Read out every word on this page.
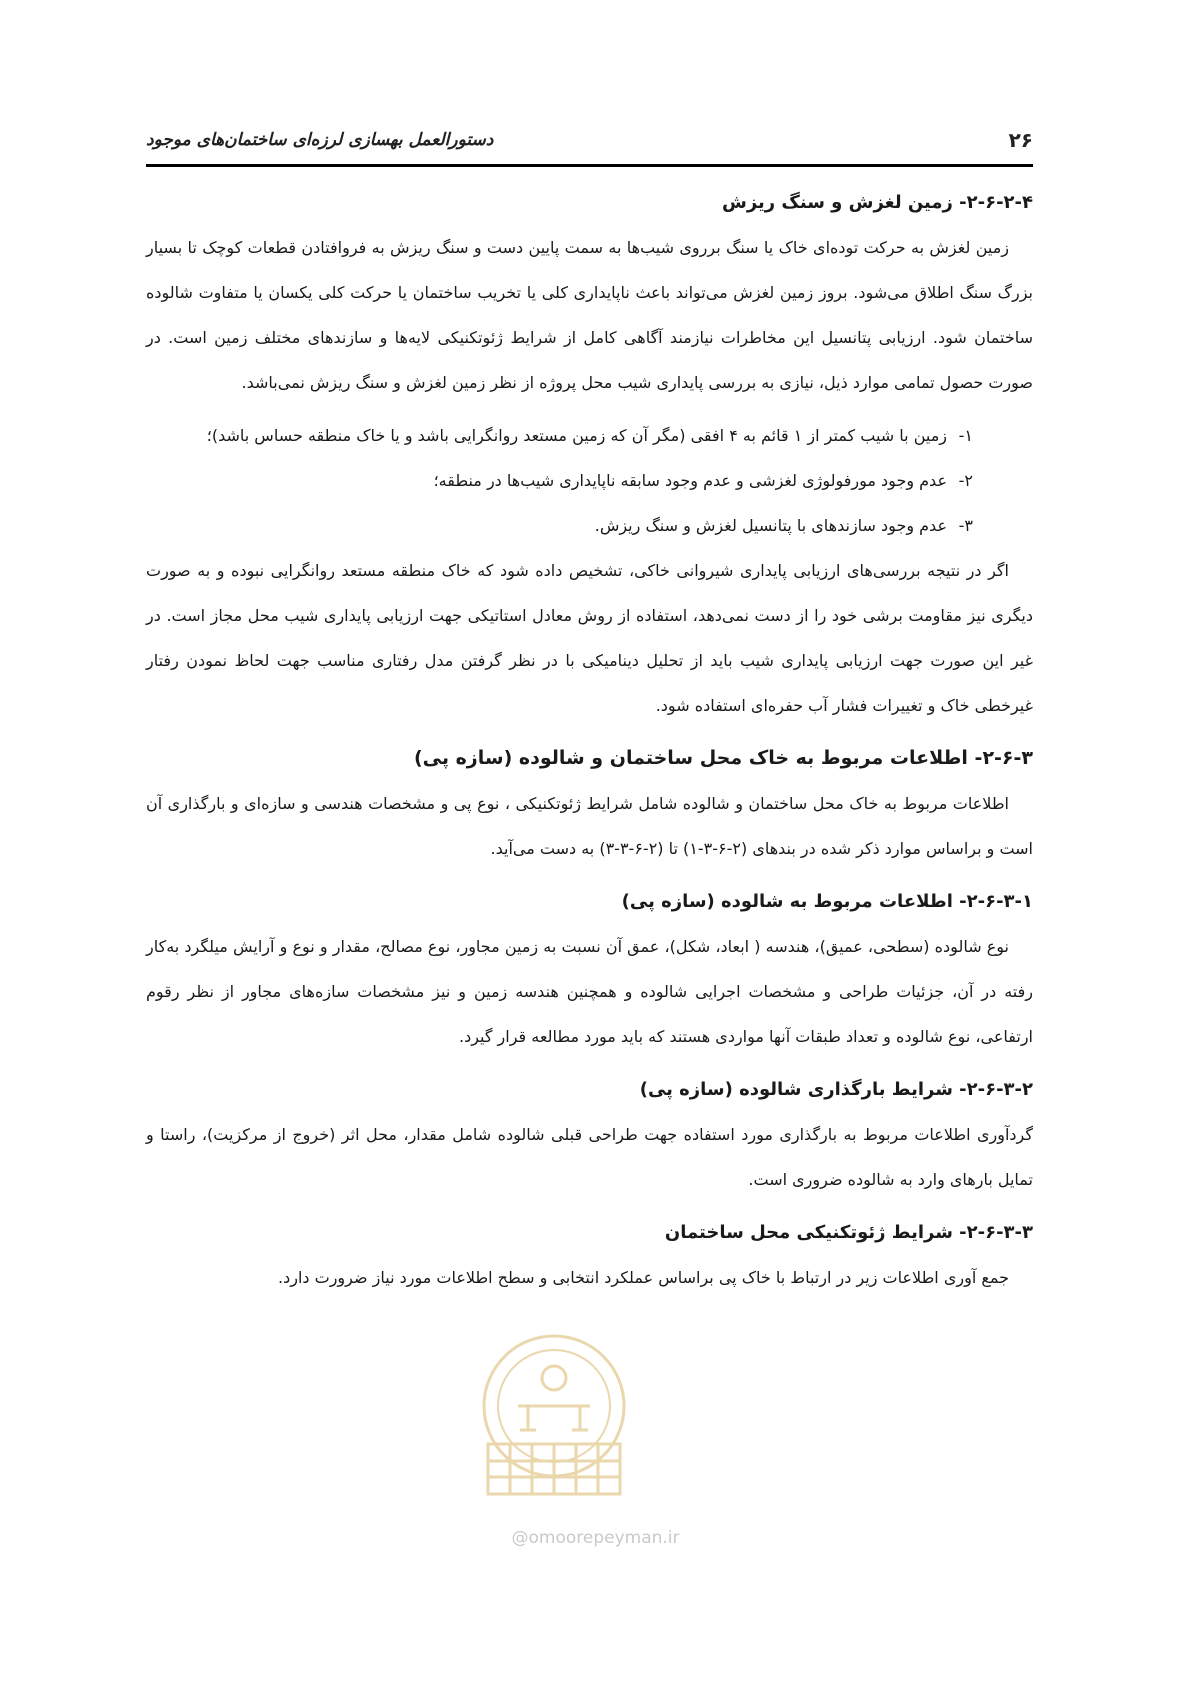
۲۶
دستورالعمل بهسازی لرزه‌ای ساختمان‌های موجود
۲-۶-۲-۴- زمین لغزش و سنگ ریزش

زمین لغزش به حرکت توده‌ای خاک یا سنگ برروی شیب‌ها به سمت پایین دست و سنگ ریزش به فروافتادن قطعات کوچک تا بسیار بزرگ سنگ اطلاق می‌شود. بروز زمین لغزش می‌تواند باعث ناپایداری کلی یا تخریب ساختمان یا حرکت کلی یکسان یا متفاوت شالوده ساختمان شود. ارزیابی پتانسیل این مخاطرات نیازمند آگاهی کامل از شرایط ژئوتکنیکی لایه‌ها و سازندهای مختلف زمین است. در صورت حصول تمامی موارد ذیل، نیازی به بررسی پایداری شیب محل پروژه از نظر زمین لغزش و سنگ ریزش نمی‌باشد.

۱-
زمین با شیب کمتر از ۱ قائم به ۴ افقی (مگر آن که زمین مستعد روانگرایی باشد و یا خاک منطقه حساس باشد)؛
۲-
عدم وجود مورفولوژی لغزشی و عدم وجود سابقه ناپایداری شیب‌ها در منطقه؛
۳-
عدم وجود سازندهای با پتانسیل لغزش و سنگ ریزش.

اگر در نتیجه بررسی‌های ارزیابی پایداری شیروانی خاکی، تشخیص داده شود که خاک منطقه مستعد روانگرایی نبوده و به صورت دیگری نیز مقاومت برشی خود را از دست نمی‌دهد، استفاده از روش معادل استاتیکی جهت ارزیابی پایداری شیب محل مجاز است. در غیر این صورت جهت ارزیابی پایداری شیب باید از تحلیل دینامیکی با در نظر گرفتن مدل رفتاری مناسب جهت لحاظ نمودن رفتار غیرخطی خاک و تغییرات فشار آب حفره‌ای استفاده شود.

۲-۶-۳- اطلاعات مربوط به خاک محل ساختمان و شالوده (سازه پی)

اطلاعات مربوط به خاک محل ساختمان و شالوده شامل شرایط ژئوتکنیکی ، نوع پی و مشخصات هندسی و سازه‌ای و بارگذاری آن است و براساس موارد ذکر شده در بندهای (۲-۶-۳-۱) تا (۲-۶-۳-۳) به دست می‌آید.

۲-۶-۳-۱- اطلاعات مربوط به شالوده (سازه پی)

نوع شالوده (سطحی، عمیق)، هندسه ( ابعاد، شکل)، عمق آن نسبت به زمین مجاور، نوع مصالح، مقدار و نوع و آرایش میلگرد به‌کار رفته در آن، جزئیات طراحی و مشخصات اجرایی شالوده و همچنین هندسه زمین و نیز مشخصات سازه‌های مجاور از نظر رقوم ارتفاعی، نوع شالوده و تعداد طبقات آنها مواردی هستند که باید مورد مطالعه قرار گیرد.

۲-۶-۳-۲- شرایط بارگذاری شالوده (سازه پی)

گردآوری اطلاعات مربوط به بارگذاری مورد استفاده جهت طراحی قبلی شالوده شامل مقدار، محل اثر (خروج از مرکزیت)، راستا و تمایل بارهای وارد به شالوده ضروری است.

۲-۶-۳-۳- شرایط ژئوتکنیکی محل ساختمان

جمع آوری اطلاعات زیر در ارتباط با خاک پی براساس عملکرد انتخابی و سطح اطلاعات مورد نیاز ضرورت دارد.

@omoorepeyman.ir
